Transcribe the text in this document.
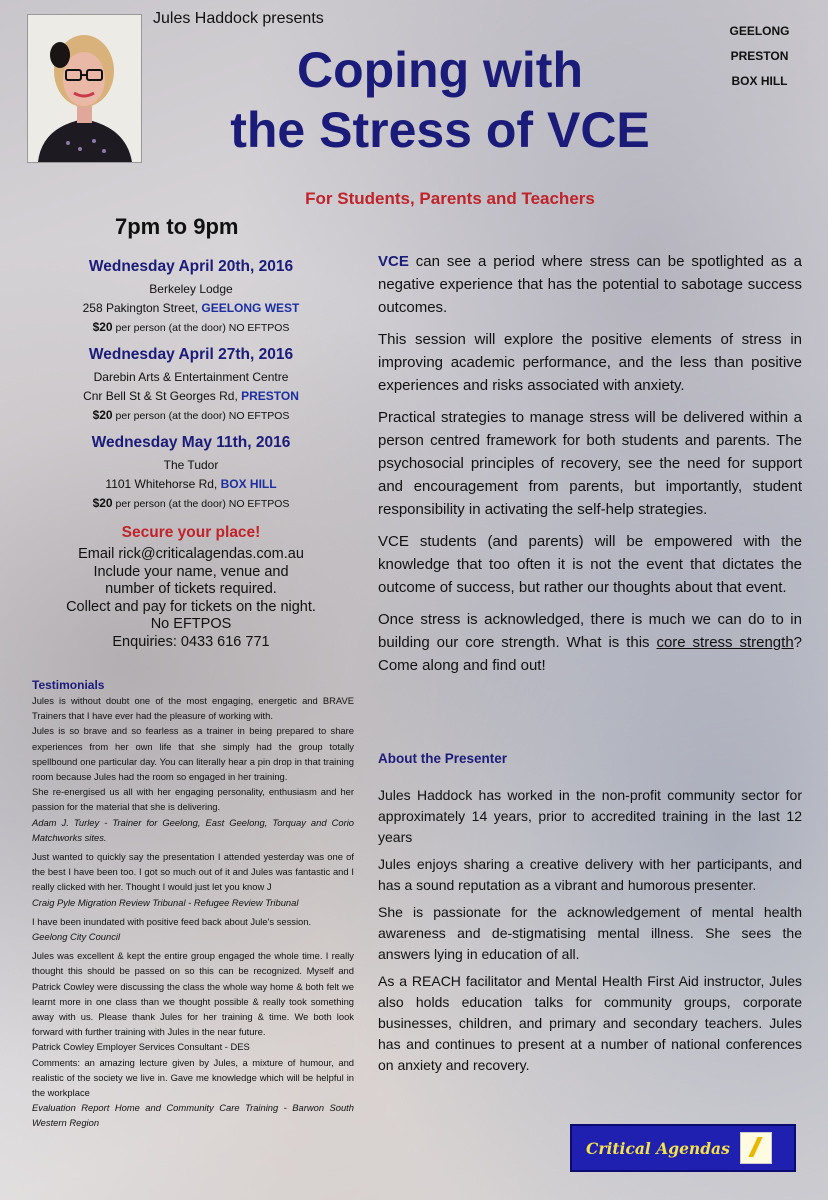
Jules Haddock presents
Coping with
the Stress of VCE
GEELONG
PRESTON
BOX HILL
For Students, Parents and Teachers
7pm to 9pm
Wednesday April 20th, 2016
Berkeley Lodge
258 Pakington Street, GEELONG WEST
$20 per person (at the door) NO EFTPOS
Wednesday April 27th, 2016
Darebin Arts & Entertainment Centre
Cnr Bell St & St Georges Rd, PRESTON
$20 per person (at the door) NO EFTPOS
Wednesday May 11th, 2016
The Tudor
1101 Whitehorse Rd, BOX HILL
$20 per person (at the door) NO EFTPOS
Secure your place!
Email rick@criticalagendas.com.au
Include your name, venue and
number of tickets required.
Collect and pay for tickets on the night.
No EFTPOS
Enquiries: 0433 616 771
Testimonials

Jules is without doubt one of the most engaging, energetic and BRAVE Trainers that I have ever had the pleasure of working with.

Jules is so brave and so fearless as a trainer in being prepared to share experiences from her own life that she simply had the group totally spellbound one particular day. You can literally hear a pin drop in that training room because Jules had the room so engaged in her training.

She re-energised us all with her engaging personality, enthusiasm and her passion for the material that she is delivering.

Adam J. Turley - Trainer for Geelong, East Geelong, Torquay and Corio Matchworks sites.

Just wanted to quickly say the presentation I attended yesterday was one of the best I have been too. I got so much out of it and Jules was fantastic and I really clicked with her. Thought I would just let you know J

Craig Pyle Migration Review Tribunal - Refugee Review Tribunal

I have been inundated with positive feed back about Jule's session.

Geelong City Council

Jules was excellent & kept the entire group engaged the whole time. I really thought this should be passed on so this can be recognized. Myself and Patrick Cowley were discussing the class the whole way home & both felt we learnt more in one class than we thought possible & really took something away with us. Please thank Jules for her training & time. We both look forward with further training with Jules in the near future.

Patrick Cowley Employer Services Consultant - DES

Comments: an amazing lecture given by Jules, a mixture of humour, and realistic of the society we live in. Gave me knowledge which will be helpful in the workplace

Evaluation Report Home and Community Care Training - Barwon South Western Region

VCE can see a period where stress can be spotlighted as a negative experience that has the potential to sabotage success outcomes.

This session will explore the positive elements of stress in improving academic performance, and the less than positive experiences and risks associated with anxiety.

Practical strategies to manage stress will be delivered within a person centred framework for both students and parents. The psychosocial principles of recovery, see the need for support and encouragement from parents, but importantly, student responsibility in activating the self-help strategies.

VCE students (and parents) will be empowered with the knowledge that too often it is not the event that dictates the outcome of success, but rather our thoughts about that event.

Once stress is acknowledged, there is much we can do to in building our core strength. What is this core stress strength? Come along and find out!

About the Presenter

Jules Haddock has worked in the non-profit community sector for approximately 14 years, prior to accredited training in the last 12 years

Jules enjoys sharing a creative delivery with her participants, and has a sound reputation as a vibrant and humorous presenter.

She is passionate for the acknowledgement of mental health awareness and de-stigmatising mental illness. She sees the answers lying in education of all.

As a REACH facilitator and Mental Health First Aid instructor, Jules also holds education talks for community groups, corporate businesses, children, and primary and secondary teachers. Jules has and continues to present at a number of national conferences on anxiety and recovery.

Critical Agendas
